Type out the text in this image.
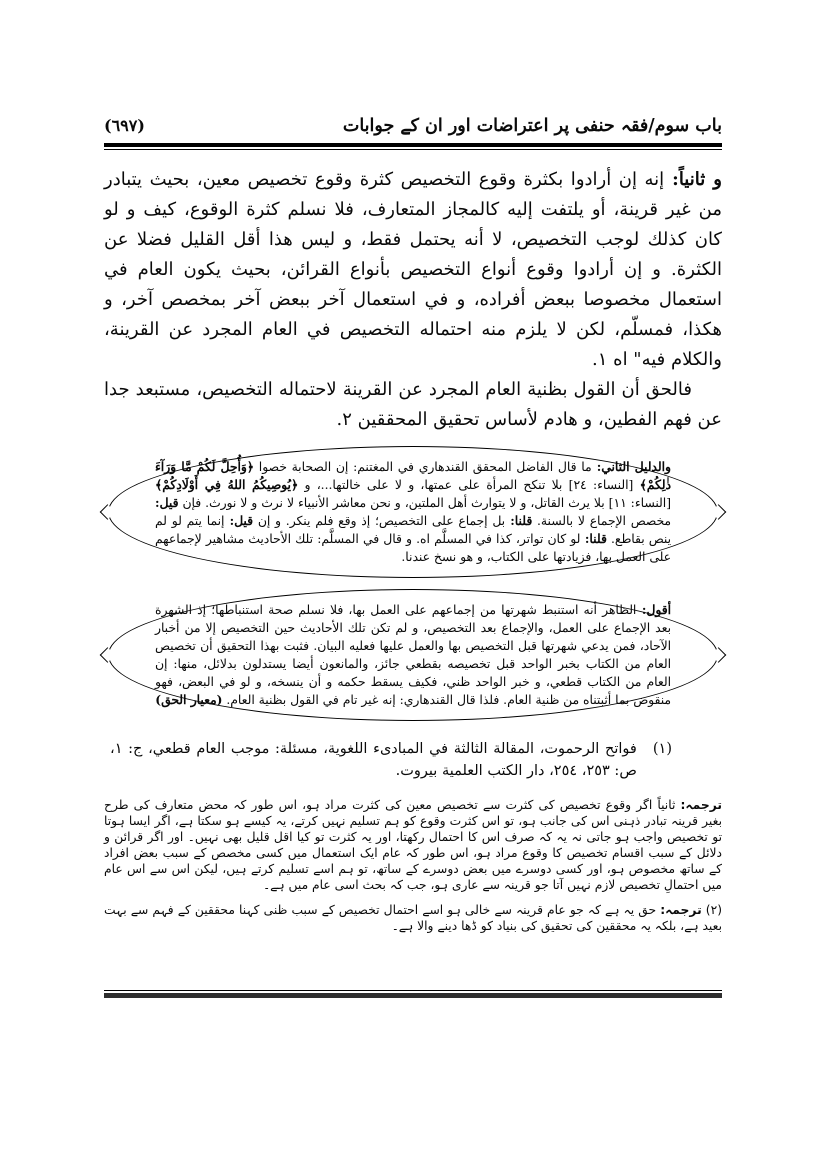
(٦٩٧)	باب سوم/فقہ حنفی پر اعتراضات اور ان کے جوابات

و ثانياً: إنه إن أرادوا بكثرة وقوع التخصيص كثرة وقوع تخصيص معين، بحيث يتبادر من غير قرينة، أو يلتفت إليه كالمجاز المتعارف، فلا نسلم كثرة الوقوع، كيف و لو كان كذلك لوجب التخصيص، لا أنه يحتمل فقط، و ليس هذا أقل القليل فضلا عن الكثرة. و إن أرادوا وقوع أنواع التخصيص بأنواع القرائن، بحيث يكون العام في استعمال مخصوصا ببعض أفراده، و في استعمال آخر ببعض آخر بمخصص آخر، و هكذا، فمسلّم، لكن لا يلزم منه احتماله التخصيص في العام المجرد عن القرينة، والكلام فيه" اه ١.

فالحق أن القول بظنية العام المجرد عن القرينة لاحتماله التخصيص، مستبعد جدا عن فهم الفطين، و هادم لأساس تحقيق المحققين ٢.

والدليل الثاني: ما قال الفاضل المحقق القندهاري في المغتنم: إن الصحابة خصوا ﴿وَأُحِلَّ لَكُمْ مَّا وَرَآءَ ذٰلِكُمْ﴾ [النساء: ٢٤] بلا تنكح المرأة على عمتها، و لا على خالتها...، و ﴿يُوصِيكُمُ اللهُ فِي أَوْلَادِكُمْ﴾ [النساء: ١١] بلا يرث القاتل، و لا يتوارث أهل الملتين، و نحن معاشر الأنبياء لا نرث و لا نورث. فإن قيل: مخصص الإجماع لا بالسنة. قلنا: بل إجماع على التخصيص؛ إذ وقع فلم ينكر. و إن قيل: إنما يتم لو لم ينص بقاطع. قلنا: لو كان تواتر، كذا في المسلَّم اه. و قال في المسلَّم: تلك الأحاديث مشاهير لإجماعهم على العمل بها، فزيادتها على الكتاب، و هو نسخ عندنا.

أقول: الظاهر أنه استنبط شهرتها من إجماعهم على العمل بها، فلا نسلم صحة استنباطها؛ إذ الشهرة بعد الإجماع على العمل، والإجماع بعد التخصيص، و لم تكن تلك الأحاديث حين التخصيص إلا من أخبار الآحاد، فمن يدعي شهرتها قبل التخصيص بها والعمل عليها فعليه البيان. فثبت بهذا التحقيق أن تخصيص العام من الكتاب بخبر الواحد قبل تخصيصه بقطعي جائز، والمانعون أيضا يستدلون بدلائل، منها: إن العام من الكتاب قطعي، و خبر الواحد ظني، فكيف يسقط حكمه و أن ينسخه، و لو في البعض، فهو منقوض بما أثبتناه من ظنية العام. فلذا قال القندهاري: إنه غير تام في القول بظنية العام. (معيار الحق)

(١)
فواتح الرحموت، المقالة الثالثة في المبادىء اللغوية، مسئلة: موجب العام قطعي، ج: ١، ص: ٢٥٣، ٢٥٤، دار الكتب العلمية بيروت.

ترجمہ: ثانیاً اگر وقوع تخصیص کی کثرت سے تخصیص معین کی کثرت مراد ہو، اس طور کہ محض متعارف کی طرح بغیر قرینہ تبادر ذہنی اس کی جانب ہو، تو اس کثرت وقوع کو ہم تسلیم نہیں کرتے، یہ کیسے ہو سکتا ہے، اگر ایسا ہوتا تو تخصیص واجب ہو جاتی نہ یہ کہ صرف اس کا احتمال رکھتا، اور یہ کثرت تو کیا اقل قلیل بھی نہیں۔ اور اگر قرائن و دلائل کے سبب اقسام تخصیص کا وقوع مراد ہو، اس طور کہ عام ایک استعمال میں کسی مخصص کے سبب بعض افراد کے ساتھ مخصوص ہو، اور کسی دوسرے میں بعض دوسرے کے ساتھ، تو ہم اسے تسلیم کرتے ہیں، لیکن اس سے اس عام میں احتمالِ تخصیص لازم نہیں آتا جو قرینہ سے عاری ہو، جب کہ بحث اسی عام میں ہے۔

(٢) ترجمہ: حق یہ ہے کہ جو عام قرینہ سے خالی ہو اسے احتمال تخصیص کے سبب ظنی کہنا محققین کے فہم سے بہت بعید ہے، بلکہ یہ محققین کی تحقیق کی بنیاد کو ڈھا دینے والا ہے۔
